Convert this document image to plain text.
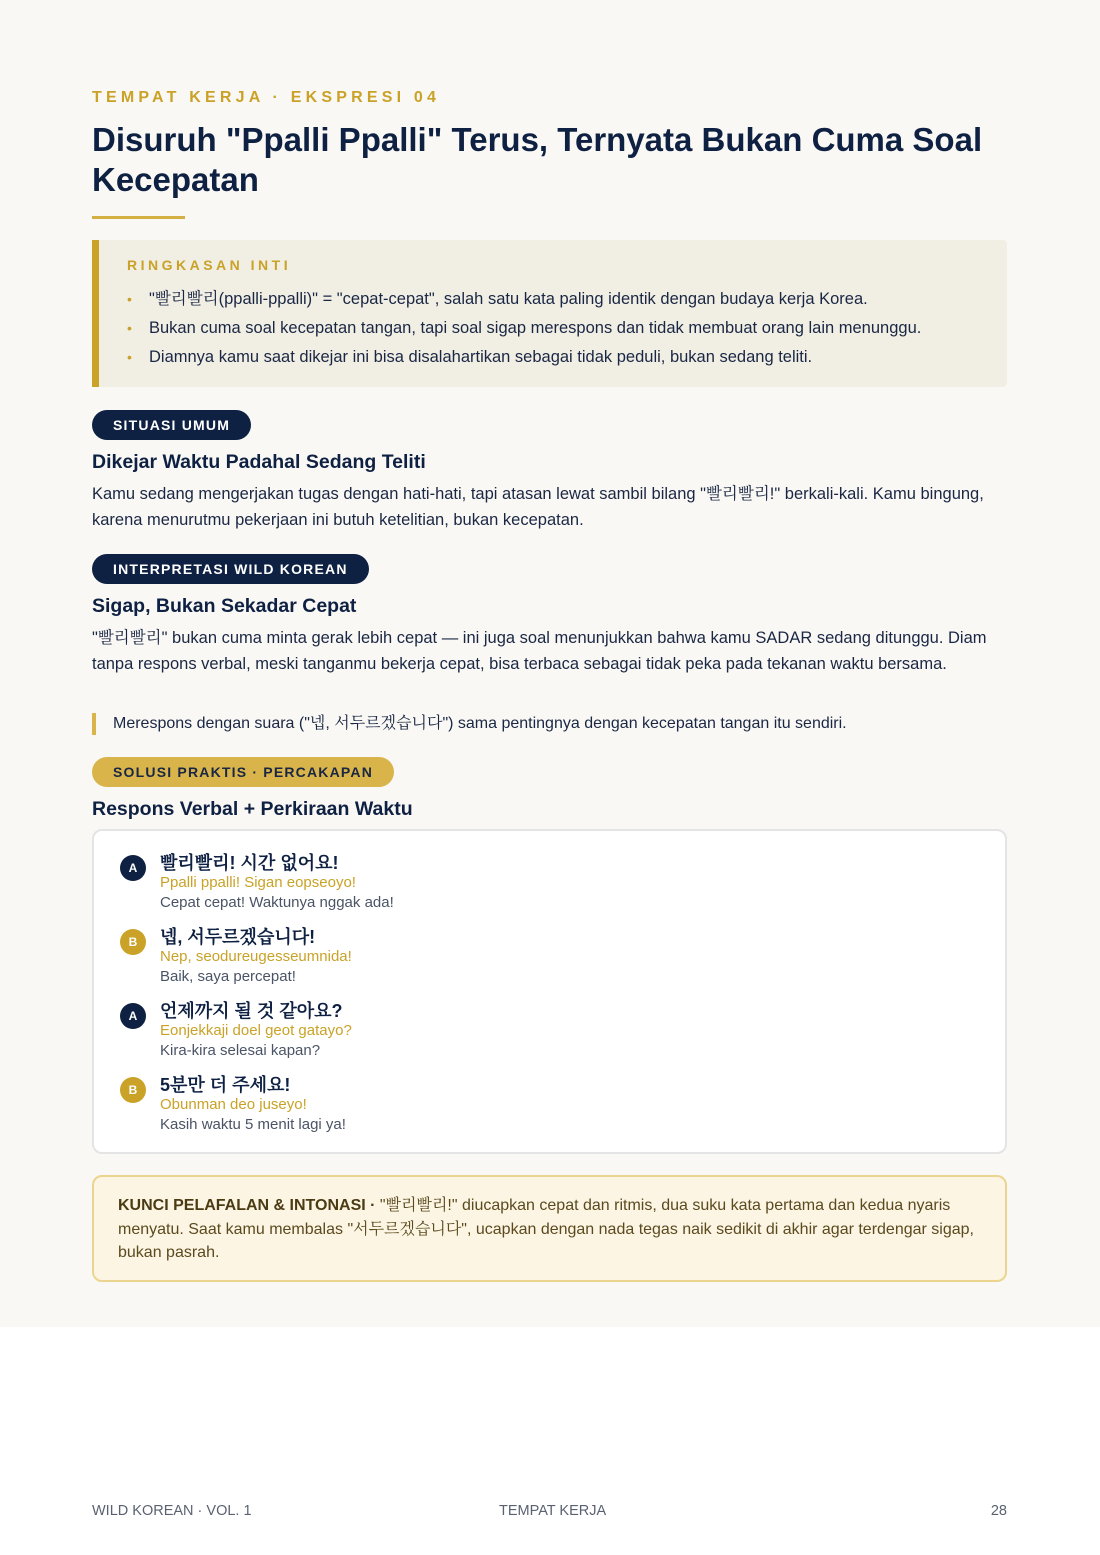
TEMPAT KERJA · EKSPRESI 04
Disuruh "Ppalli Ppalli" Terus, Ternyata Bukan Cuma Soal Kecepatan
RINGKASAN INTI
• "빨리빨리(ppalli-ppalli)" = "cepat-cepat", salah satu kata paling identik dengan budaya kerja Korea.
• Bukan cuma soal kecepatan tangan, tapi soal sigap merespons dan tidak membuat orang lain menunggu.
• Diamnya kamu saat dikejar ini bisa disalahartikan sebagai tidak peduli, bukan sedang teliti.
SITUASI UMUM
Dikejar Waktu Padahal Sedang Teliti

Kamu sedang mengerjakan tugas dengan hati-hati, tapi atasan lewat sambil bilang "빨리빨리!" berkali-kali. Kamu bingung, karena menurutmu pekerjaan ini butuh ketelitian, bukan kecepatan.

INTERPRETASI WILD KOREAN
Sigap, Bukan Sekadar Cepat

"빨리빨리" bukan cuma minta gerak lebih cepat — ini juga soal menunjukkan bahwa kamu SADAR sedang ditunggu. Diam tanpa respons verbal, meski tanganmu bekerja cepat, bisa terbaca sebagai tidak peka pada tekanan waktu bersama.

Merespons dengan suara ("넵, 서두르겠습니다") sama pentingnya dengan kecepatan tangan itu sendiri.
SOLUSI PRAKTIS · PERCAKAPAN
Respons Verbal + Perkiraan Waktu
A	빨리빨리! 시간 없어요!
Ppalli ppalli! Sigan eopseoyo!
Cepat cepat! Waktunya nggak ada!
B	넵, 서두르겠습니다!
Nep, seodureugesseumnida!
Baik, saya percepat!
A	언제까지 될 것 같아요?
Eonjekkaji doel geot gatayo?
Kira-kira selesai kapan?
B	5분만 더 주세요!
Obunman deo juseyo!
Kasih waktu 5 menit lagi ya!
KUNCI PELAFALAN & INTONASI · "빨리빨리!" diucapkan cepat dan ritmis, dua suku kata pertama dan kedua nyaris menyatu. Saat kamu membalas "서두르겠습니다", ucapkan dengan nada tegas naik sedikit di akhir agar terdengar sigap, bukan pasrah.
WILD KOREAN · VOL. 1	TEMPAT KERJA	28
